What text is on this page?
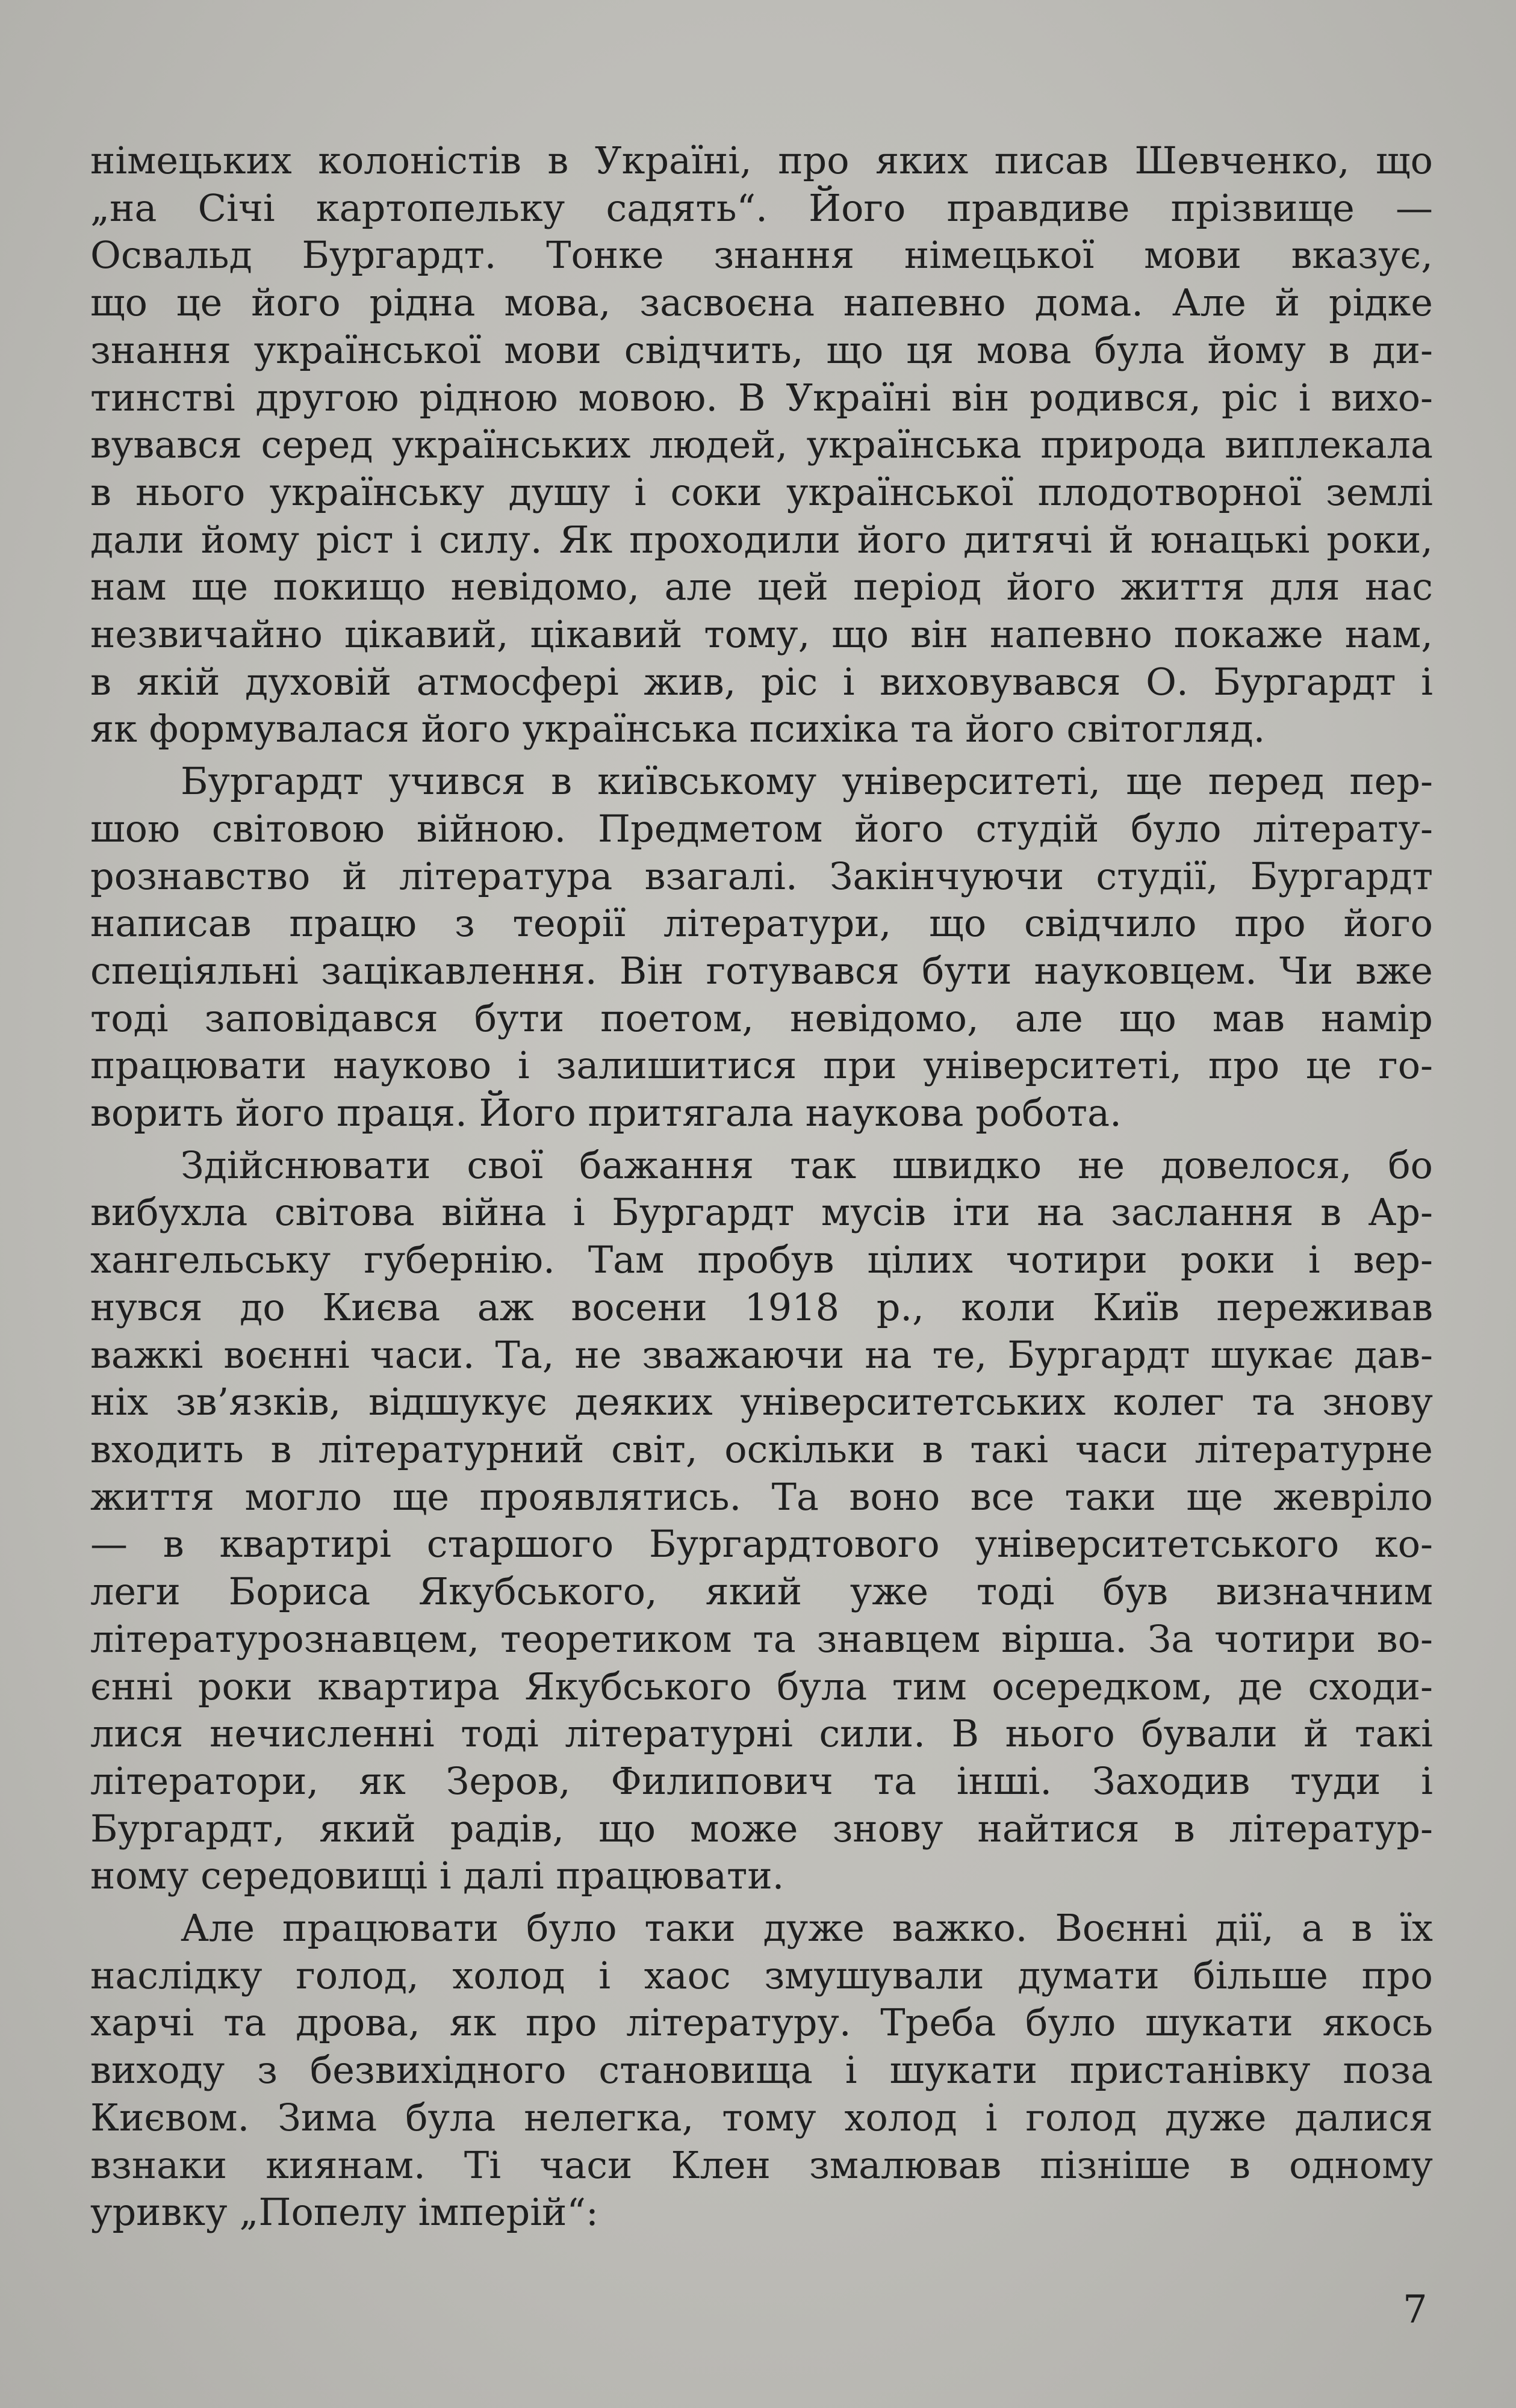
німецьких колоністів в Україні, про яких писав Шевченко, що
„на Січі картопельку садять“. Його правдиве прізвище —
Освальд Бургардт. Тонке знання німецької мови вказує,
що це його рідна мова, засвоєна напевно дома. Але й рідке
знання української мови свідчить, що ця мова була йому в ди-
тинстві другою рідною мовою. В Україні він родився, ріс і вихо-
вувався серед українських людей, українська природа виплекала
в нього українську душу і соки української плодотворної землі
дали йому ріст і силу. Як проходили його дитячі й юнацькі роки,
нам ще покищо невідомо, але цей період його життя для нас
незвичайно цікавий, цікавий тому, що він напевно покаже нам,
в якій духовій атмосфері жив, ріс і виховувався О. Бургардт і
як формувалася його українська психіка та його світогляд.
Бургардт учився в київському університеті, ще перед пер-
шою світовою війною. Предметом його студій було літерату-
рознавство й література взагалі. Закінчуючи студії, Бургардт
написав працю з теорії літератури, що свідчило про його
спеціяльні зацікавлення. Він готувався бути науковцем. Чи вже
тоді заповідався бути поетом, невідомо, але що мав намір
працювати науково і залишитися при університеті, про це го-
ворить його праця. Його притягала наукова робота.
Здійснювати свої бажання так швидко не довелося, бо
вибухла світова війна і Бургардт мусів іти на заслання в Ар-
хангельську губернію. Там пробув цілих чотири роки і вер-
нувся до Києва аж восени 1918 р., коли Київ переживав
важкі воєнні часи. Та, не зважаючи на те, Бургардт шукає дав-
ніх зв’язків, відшукує деяких університетських колег та знову
входить в літературний світ, оскільки в такі часи літературне
життя могло ще проявлятись. Та воно все таки ще жевріло
— в квартирі старшого Бургардтового університетського ко-
леги Бориса Якубського, який уже тоді був визначним
літературознавцем, теоретиком та знавцем вірша. За чотири во-
єнні роки квартира Якубського була тим осередком, де сходи-
лися нечисленні тоді літературні сили. В нього бували й такі
літератори, як Зеров, Филипович та інші. Заходив туди і
Бургардт, який радів, що може знову найтися в літератур-
ному середовищі і далі працювати.
Але працювати було таки дуже важко. Воєнні дії, а в їх
наслідку голод, холод і хаос змушували думати більше про
харчі та дрова, як про літературу. Треба було шукати якось
виходу з безвихідного становища і шукати пристанівку поза
Києвом. Зима була нелегка, тому холод і голод дуже далися
взнаки киянам. Ті часи Клен змалював пізніше в одному
уривку „Попелу імперій“:
7
